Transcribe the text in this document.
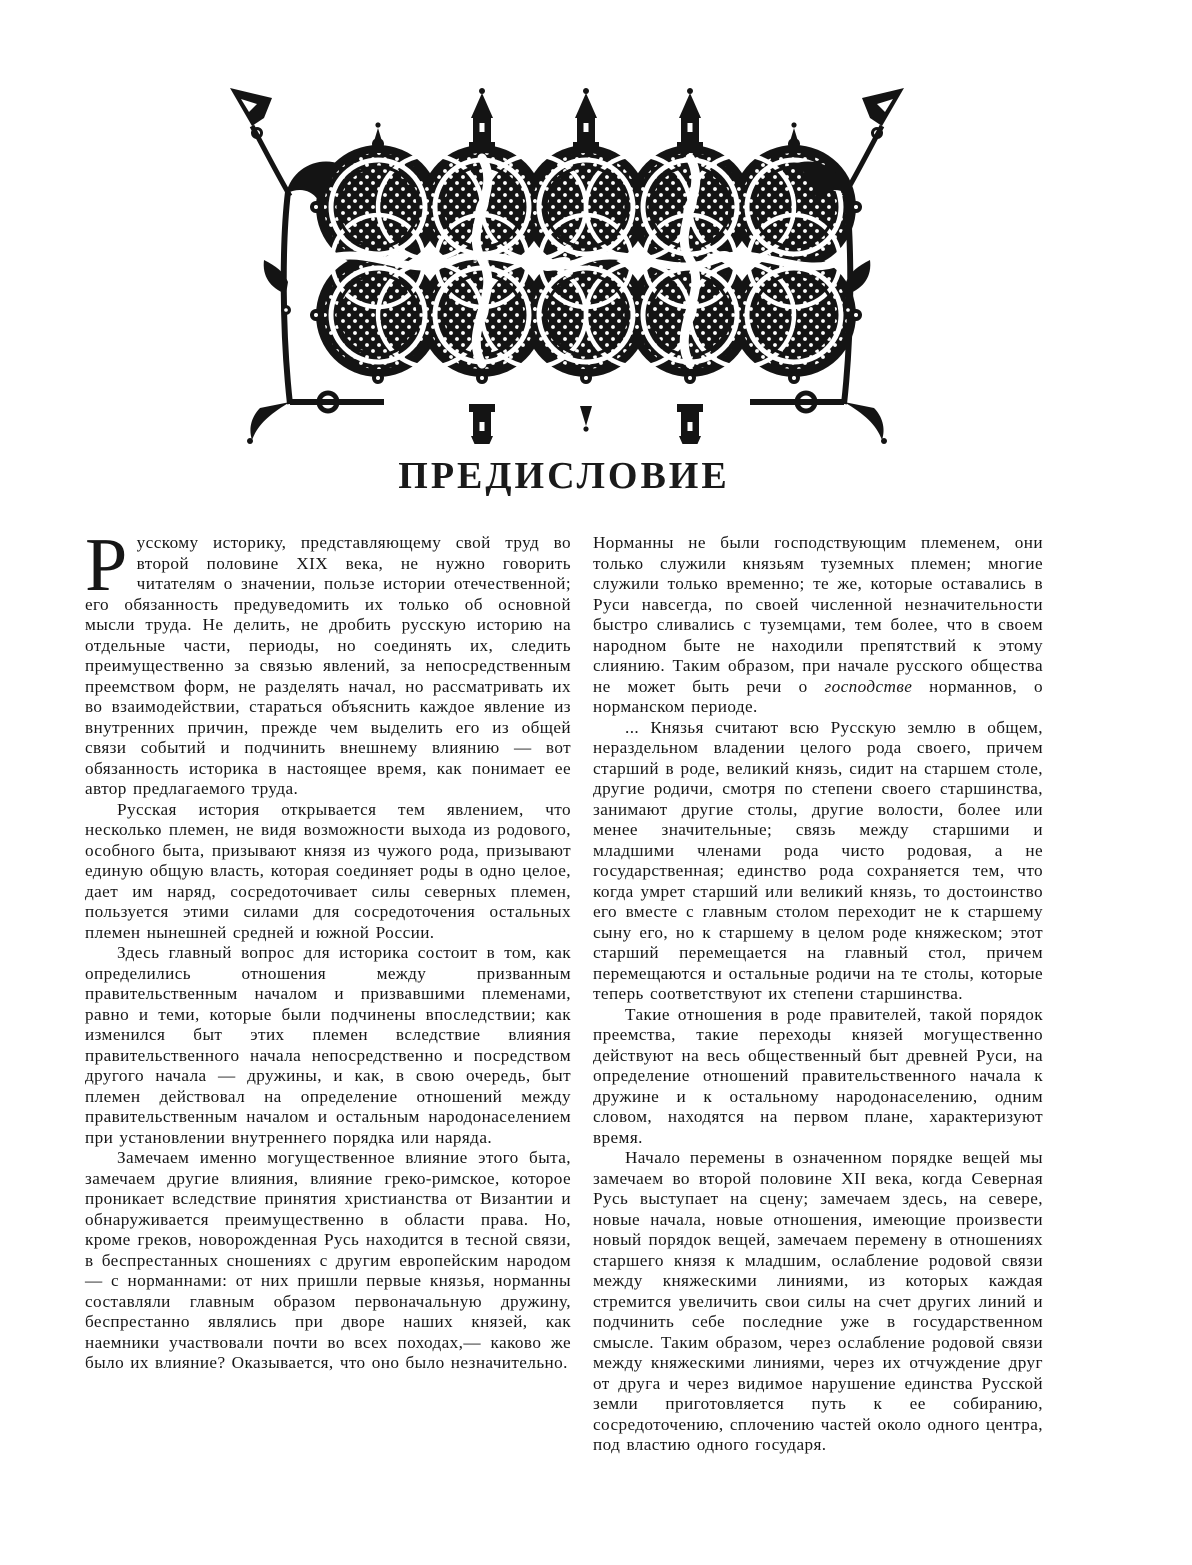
ПРЕДИСЛОВИЕ

Русскому историку, представляющему свой труд во второй половине XIX века, не нужно говорить читателям о значении, пользе истории отечественной; его обязанность предуведомить их только об основной мысли труда. Не делить, не дробить русскую историю на отдельные части, периоды, но соединять их, следить преимущественно за связью явлений, за непосредственным преемством форм, не разделять начал, но рассматривать их во взаимодействии, стараться объяснить каждое явление из внутренних причин, прежде чем выделить его из общей связи событий и подчинить внешнему влиянию — вот обязанность историка в настоящее время, как понимает ее автор предлагаемого труда.

Русская история открывается тем явлением, что несколько племен, не видя возможности выхода из родового, особного быта, призывают князя из чужого рода, призывают единую общую власть, которая соединяет роды в одно целое, дает им наряд, сосредоточивает силы северных племен, пользуется этими силами для сосредоточения остальных племен нынешней средней и южной России.

Здесь главный вопрос для историка состоит в том, как определились отношения между призванным правительственным началом и призвавшими племенами, равно и теми, которые были подчинены впоследствии; как изменился быт этих племен вследствие влияния правительственного начала непосредственно и посредством другого начала — дружины, и как, в свою очередь, быт племен действовал на определение отношений между правительственным началом и остальным народонаселением при установлении внутреннего порядка или наряда.

Замечаем именно могущественное влияние этого быта, замечаем другие влияния, влияние греко-римское, которое проникает вследствие принятия христианства от Византии и обнаруживается преимущественно в области права. Но, кроме греков, новорожденная Русь находится в тесной связи, в беспрестанных сношениях с другим европейским народом — с норманнами: от них пришли первые князья, норманны составляли главным образом первоначальную дружину, беспрестанно являлись при дворе наших князей, как наемники участвовали почти во всех походах,— каково же было их влияние? Оказывается, что оно было незначительно.

Норманны не были господствующим племенем, они только служили князьям туземных племен; многие служили только временно; те же, которые оставались в Руси навсегда, по своей численной незначительности быстро сливались с туземцами, тем более, что в своем народном быте не находили препятствий к этому слиянию. Таким образом, при начале русского общества не может быть речи о господстве норманнов, о норманском периоде.

... Князья считают всю Русскую землю в общем, нераздельном владении целого рода своего, причем старший в роде, великий князь, сидит на старшем столе, другие родичи, смотря по степени своего старшинства, занимают другие столы, другие волости, более или менее значительные; связь между старшими и младшими членами рода чисто родовая, а не государственная; единство рода сохраняется тем, что когда умрет старший или великий князь, то достоинство его вместе с главным столом переходит не к старшему сыну его, но к старшему в целом роде княжеском; этот старший перемещается на главный стол, причем перемещаются и остальные родичи на те столы, которые теперь соответствуют их степени старшинства.

Такие отношения в роде правителей, такой порядок преемства, такие переходы князей могущественно действуют на весь общественный быт древней Руси, на определение отношений правительственного начала к дружине и к остальному народонаселению, одним словом, находятся на первом плане, характеризуют время.

Начало перемены в означенном порядке вещей мы замечаем во второй половине XII века, когда Северная Русь выступает на сцену; замечаем здесь, на севере, новые начала, новые отношения, имеющие произвести новый порядок вещей, замечаем перемену в отношениях старшего князя к младшим, ослабление родовой связи между княжескими линиями, из которых каждая стремится увеличить свои силы на счет других линий и подчинить себе последние уже в государственном смысле. Таким образом, через ослабление родовой связи между княжескими линиями, через их отчуждение друг от друга и через видимое нарушение единства Русской земли приготовляется путь к ее собиранию, сосредоточению, сплочению частей около одного центра, под властию одного государя.
